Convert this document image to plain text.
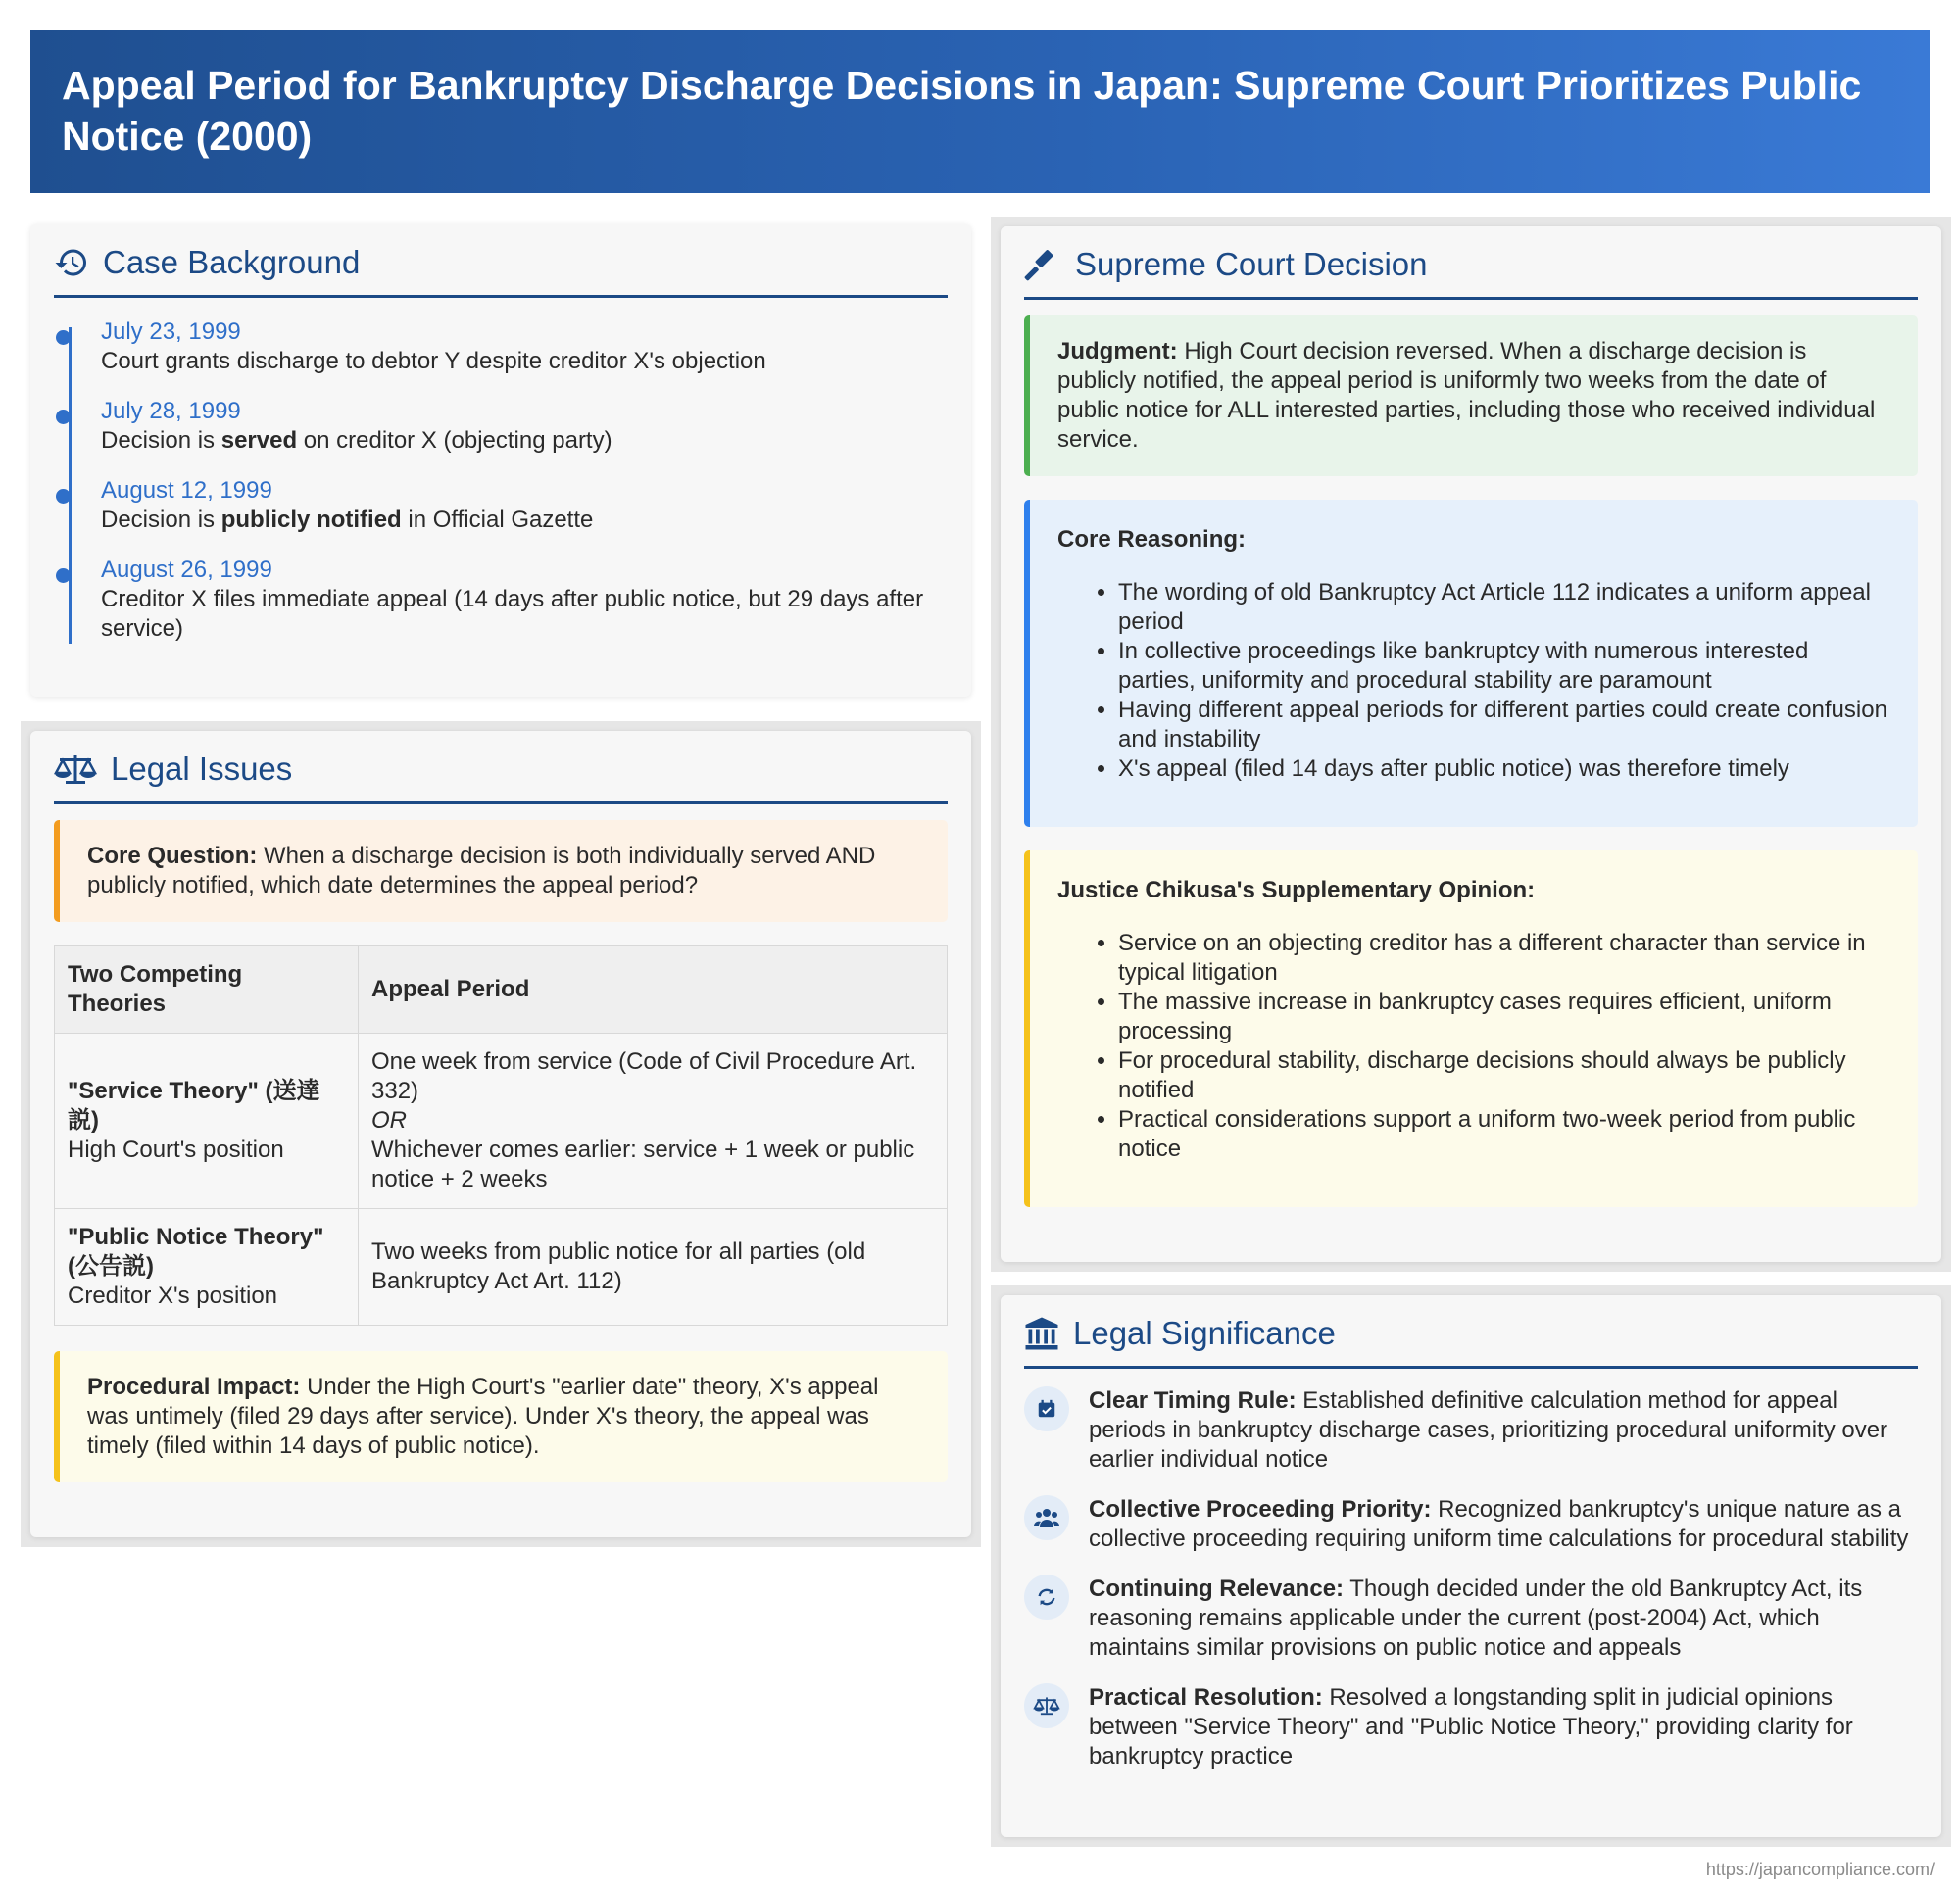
Appeal Period for Bankruptcy Discharge Decisions in Japan: Supreme Court Prioritizes Public Notice (2000)
Case Background
July 23, 1999
Court grants discharge to debtor Y despite creditor X's objection
July 28, 1999
Decision is served on creditor X (objecting party)
August 12, 1999
Decision is publicly notified in Official Gazette
August 26, 1999
Creditor X files immediate appeal (14 days after public notice, but 29 days after service)
Legal Issues
Core Question: When a discharge decision is both individually served AND publicly notified, which date determines the appeal period?
Two Competing Theories	Appeal Period
"Service Theory" (送達説)
High Court's position	One week from service (Code of Civil Procedure Art. 332)
OR
Whichever comes earlier: service + 1 week or public notice + 2 weeks
"Public Notice Theory" (公告説)
Creditor X's position	Two weeks from public notice for all parties (old Bankruptcy Act Art. 112)
Procedural Impact: Under the High Court's "earlier date" theory, X's appeal was untimely (filed 29 days after service). Under X's theory, the appeal was timely (filed within 14 days of public notice).
Supreme Court Decision
Judgment: High Court decision reversed. When a discharge decision is publicly notified, the appeal period is uniformly two weeks from the date of public notice for ALL interested parties, including those who received individual service.
Core Reasoning:
• The wording of old Bankruptcy Act Article 112 indicates a uniform appeal period
• In collective proceedings like bankruptcy with numerous interested parties, uniformity and procedural stability are paramount
• Having different appeal periods for different parties could create confusion and instability
• X's appeal (filed 14 days after public notice) was therefore timely
Justice Chikusa's Supplementary Opinion:
• Service on an objecting creditor has a different character than service in typical litigation
• The massive increase in bankruptcy cases requires efficient, uniform processing
• For procedural stability, discharge decisions should always be publicly notified
• Practical considerations support a uniform two-week period from public notice
Legal Significance
Clear Timing Rule: Established definitive calculation method for appeal periods in bankruptcy discharge cases, prioritizing procedural uniformity over earlier individual notice
Collective Proceeding Priority: Recognized bankruptcy's unique nature as a collective proceeding requiring uniform time calculations for procedural stability
Continuing Relevance: Though decided under the old Bankruptcy Act, its reasoning remains applicable under the current (post-2004) Act, which maintains similar provisions on public notice and appeals
Practical Resolution: Resolved a longstanding split in judicial opinions between "Service Theory" and "Public Notice Theory," providing clarity for bankruptcy practice
https://japancompliance.com/
